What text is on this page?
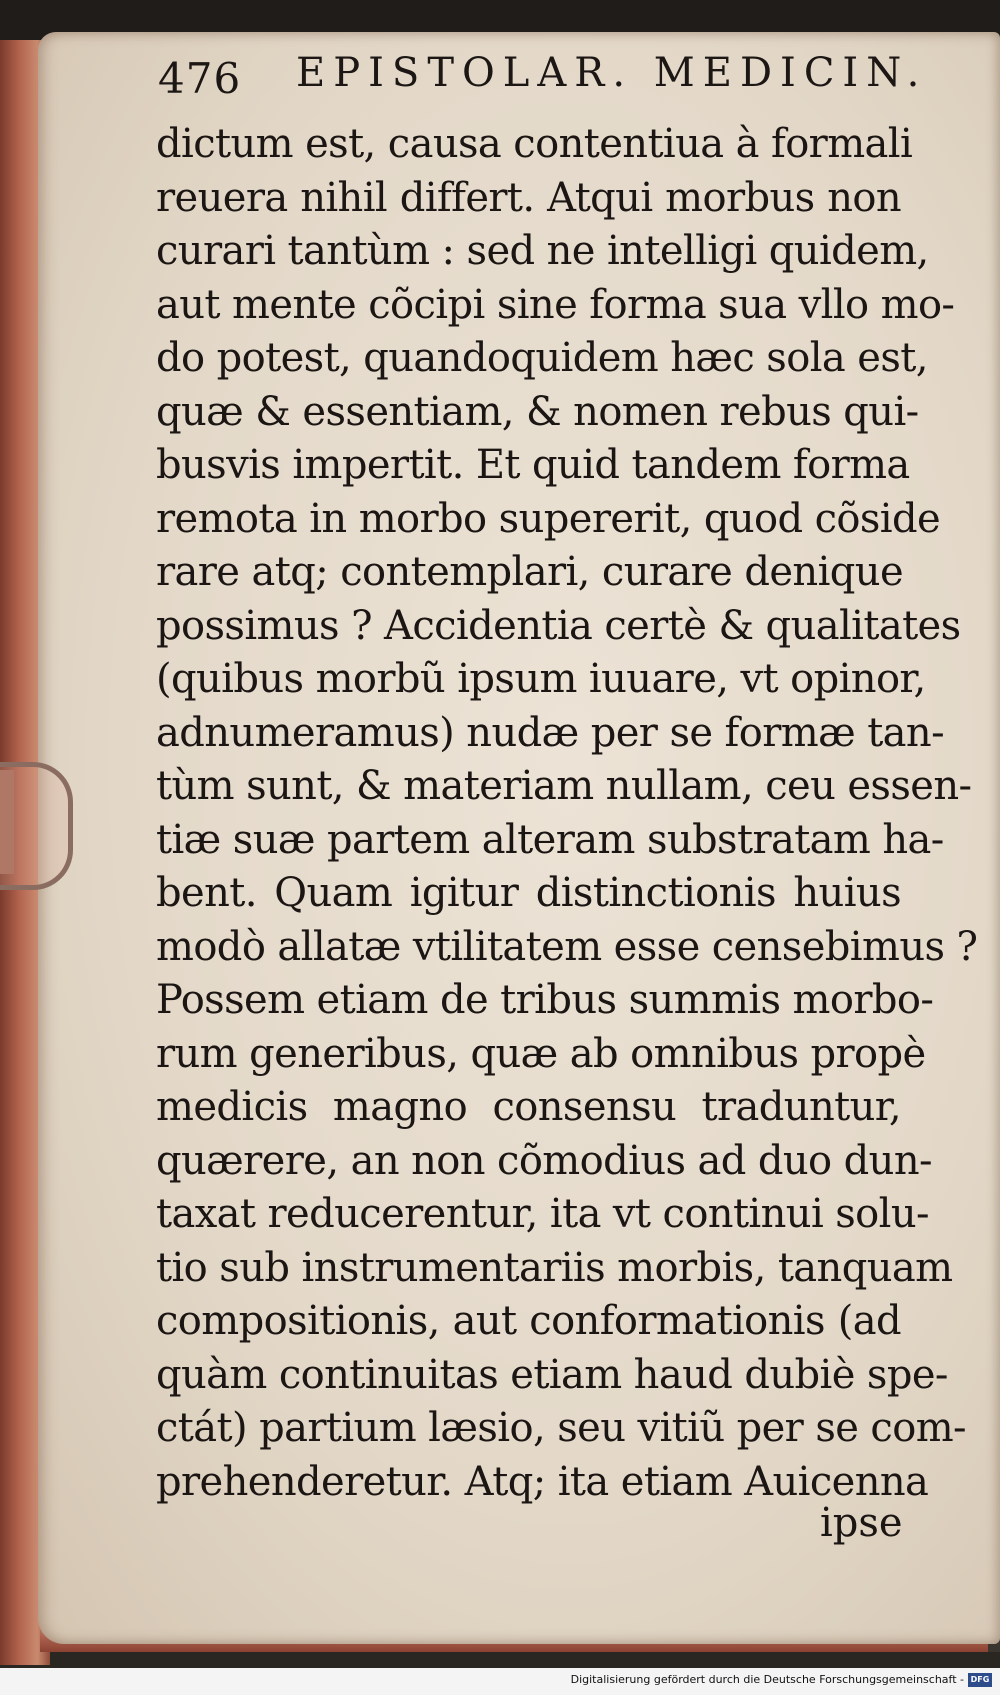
476 EPISTOLAR. MEDICIN.
dictum est, causa contentiua à formali
reuera nihil differt. Atqui morbus non
curari tantùm : sed ne intelligi quidem,
aut mente cõcipi sine forma sua vllo mo-
do potest, quandoquidem hæc sola est,
quæ & essentiam, & nomen rebus qui-
busvis impertit. Et quid tandem forma
remota in morbo supererit, quod cõside
rare atq; contemplari, curare denique
possimus ? Accidentia certè & qualitates
(quibus morbũ ipsum iuuare, vt opinor,
adnumeramus) nudæ per se formæ tan-
tùm sunt, & materiam nullam, ceu essen-
tiæ suæ partem alteram substratam ha-
bent. Quam igitur distinctionis huius
modò allatæ vtilitatem esse censebimus ?
Possem etiam de tribus summis morbo-
rum generibus, quæ ab omnibus propè
medicis magno consensu traduntur,
quærere, an non cõmodius ad duo dun-
taxat reducerentur, ita vt continui solu-
tio sub instrumentariis morbis, tanquam
compositionis, aut conformationis (ad
quàm continuitas etiam haud dubiè spe-
ctát) partium læsio, seu vitiũ per se com-
prehenderetur. Atq; ita etiam Auicenna
ipse
Digitalisierung gefördert durch die Deutsche Forschungsgemeinschaft - DFG
